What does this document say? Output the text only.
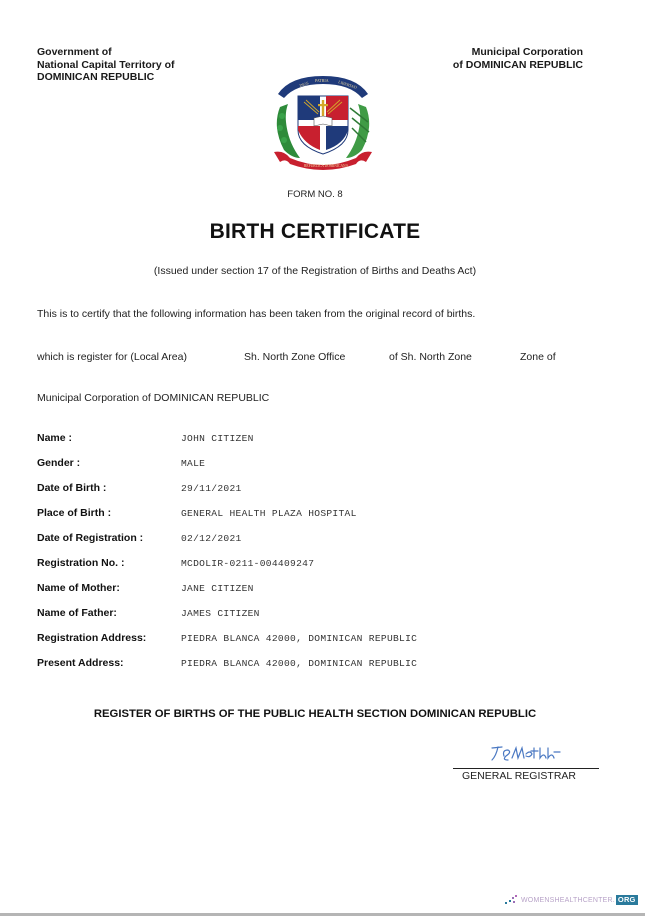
Government of
National Capital Territory of
DOMINICAN REPUBLIC
Municipal Corporation
of DOMINICAN REPUBLIC
DIOS PATRIA LIBERTAD
REPUBLICA DOMINICANA
FORM NO. 8
BIRTH CERTIFICATE
(Issued under section 17 of the Registration of Births and Deaths Act)
This is to certify that the following information has been taken from the original record of births.
which is register for (Local Area)	Sh. North Zone Office	of Sh. North Zone	Zone of
Municipal Corporation of DOMINICAN REPUBLIC
Name :	JOHN CITIZEN
Gender :	MALE
Date of Birth :	29/11/2021
Place of Birth :	GENERAL HEALTH PLAZA HOSPITAL
Date of Registration :	02/12/2021
Registration No. :	MCDOLIR-0211-004409247
Name of Mother:	JANE CITIZEN
Name of Father:	JAMES CITIZEN
Registration Address:	PIEDRA BLANCA 42000, DOMINICAN REPUBLIC
Present Address:	PIEDRA BLANCA 42000, DOMINICAN REPUBLIC
REGISTER OF BIRTHS OF THE PUBLIC HEALTH SECTION DOMINICAN REPUBLIC
GENERAL REGISTRAR
WOMENSHEALTHCENTER. ORG
